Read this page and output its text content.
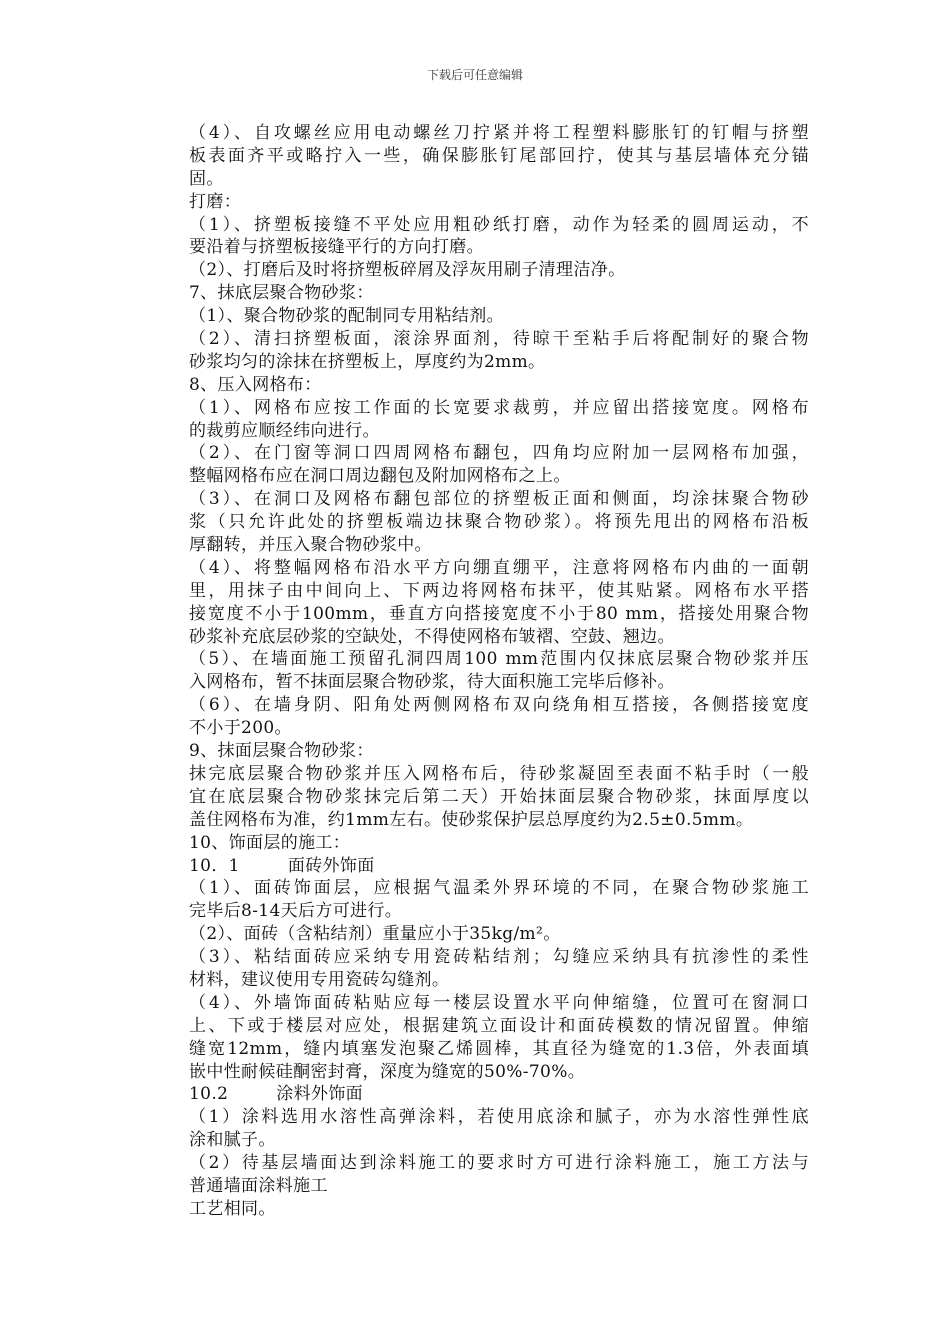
下载后可任意编辑
（4）、自攻螺丝应用电动螺丝刀拧紧并将工程塑料膨胀钉的钉帽与挤塑
板表面齐平或略拧入一些，确保膨胀钉尾部回拧，使其与基层墙体充分锚
固。
打磨：
（1）、挤塑板接缝不平处应用粗砂纸打磨，动作为轻柔的圆周运动，不
要沿着与挤塑板接缝平行的方向打磨。
（2）、打磨后及时将挤塑板碎屑及浮灰用刷子清理洁净。
7、抹底层聚合物砂浆：
（1）、聚合物砂浆的配制同专用粘结剂。
（2）、清扫挤塑板面，滚涂界面剂，待晾干至粘手后将配制好的聚合物
砂浆均匀的涂抹在挤塑板上，厚度约为2mm。
8、压入网格布：
（1）、网格布应按工作面的长宽要求裁剪，并应留出搭接宽度。网格布
的裁剪应顺经纬向进行。
（2）、在门窗等洞口四周网格布翻包，四角均应附加一层网格布加强，
整幅网格布应在洞口周边翻包及附加网格布之上。
（3）、在洞口及网格布翻包部位的挤塑板正面和侧面，均涂抹聚合物砂
浆（只允许此处的挤塑板端边抹聚合物砂浆）。将预先甩出的网格布沿板
厚翻转，并压入聚合物砂浆中。
（4）、将整幅网格布沿水平方向绷直绷平，注意将网格布内曲的一面朝
里，用抹子由中间向上、下两边将网格布抹平，使其贴紧。网格布水平搭
接宽度不小于100mm，垂直方向搭接宽度不小于80 mm，搭接处用聚合物
砂浆补充底层砂浆的空缺处，不得使网格布皱褶、空鼓、翘边。
（5）、在墙面施工预留孔洞四周100 mm范围内仅抹底层聚合物砂浆并压
入网格布，暂不抹面层聚合物砂浆，待大面积施工完毕后修补。
（6）、在墙身阴、阳角处两侧网格布双向绕角相互搭接，各侧搭接宽度
不小于200。
9、抹面层聚合物砂浆：
抹完底层聚合物砂浆并压入网格布后，待砂浆凝固至表面不粘手时（一般
宜在底层聚合物砂浆抹完后第二天）开始抹面层聚合物砂浆，抹面厚度以
盖住网格布为准，约1mm左右。使砂浆保护层总厚度约为2.5±0.5mm。
10、饰面层的施工：
10．1	面砖外饰面
（1）、面砖饰面层，应根据气温柔外界环境的不同，在聚合物砂浆施工
完毕后8-14天后方可进行。
（2）、面砖（含粘结剂）重量应小于35kg/m²。
（3）、粘结面砖应采纳专用瓷砖粘结剂；勾缝应采纳具有抗渗性的柔性
材料，建议使用专用瓷砖勾缝剂。
（4）、外墙饰面砖粘贴应每一楼层设置水平向伸缩缝，位置可在窗洞口
上、下或于楼层对应处，根据建筑立面设计和面砖模数的情况留置。伸缩
缝宽12mm，缝内填塞发泡聚乙烯圆棒，其直径为缝宽的1.3倍，外表面填
嵌中性耐候硅酮密封膏，深度为缝宽的50%-70%。
10.2	涂料外饰面
（1）涂料选用水溶性高弹涂料，若使用底涂和腻子，亦为水溶性弹性底
涂和腻子。
（2）待基层墙面达到涂料施工的要求时方可进行涂料施工，施工方法与
普通墙面涂料施工
工艺相同。
